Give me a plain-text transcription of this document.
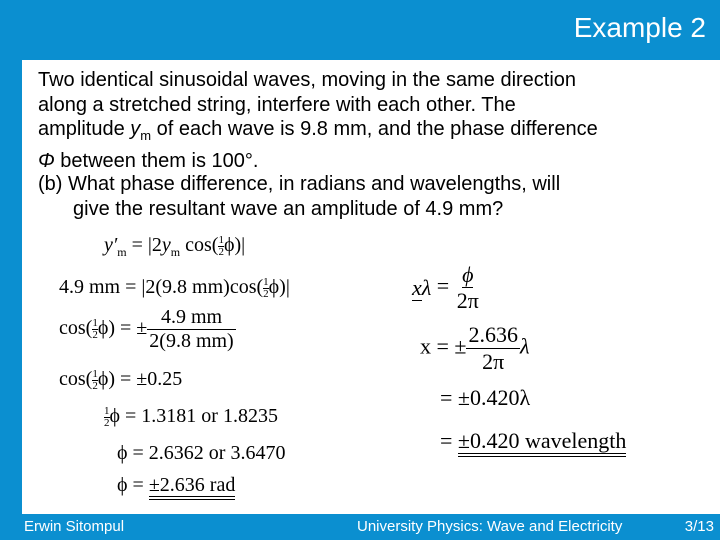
Example 2

Two identical sinusoidal waves, moving in the same direction

along a stretched string, interfere with each other. The

amplitude $y_m$ of each wave is 9.8 mm, and the phase difference

Φ between them is 100°.

(b) What phase difference, in radians and wavelengths, will
give the resultant wave an amplitude of 4.9 mm?
$y'_m = |2y_m$ $\cos( \frac{1}{2} \phi)|$
4.9 mm = |2(9.8 $mm)\cos( \frac{1}{2} \phi)|$
$\cos( \frac{1}{2} \phi)$ = ± $\frac{4.9 mm}{2(9.8 mm)}$
$\cos( \frac{1}{2} \phi) = \pm 0.25$
$\frac{1}{2}$ ϕ = 1.3181 or 1.8235
ϕ = 2.6362 or 3.6470
ϕ = ±2.636 rad
$x\lambda = \frac{\phi}{2\pi}$
x = ± $\frac{2.636}{2\pi}$ λ
= ±0.420λ
= ±0.420 wavelength
Erwin Sitompul	University Physics: Wave and Electricity	3/13
